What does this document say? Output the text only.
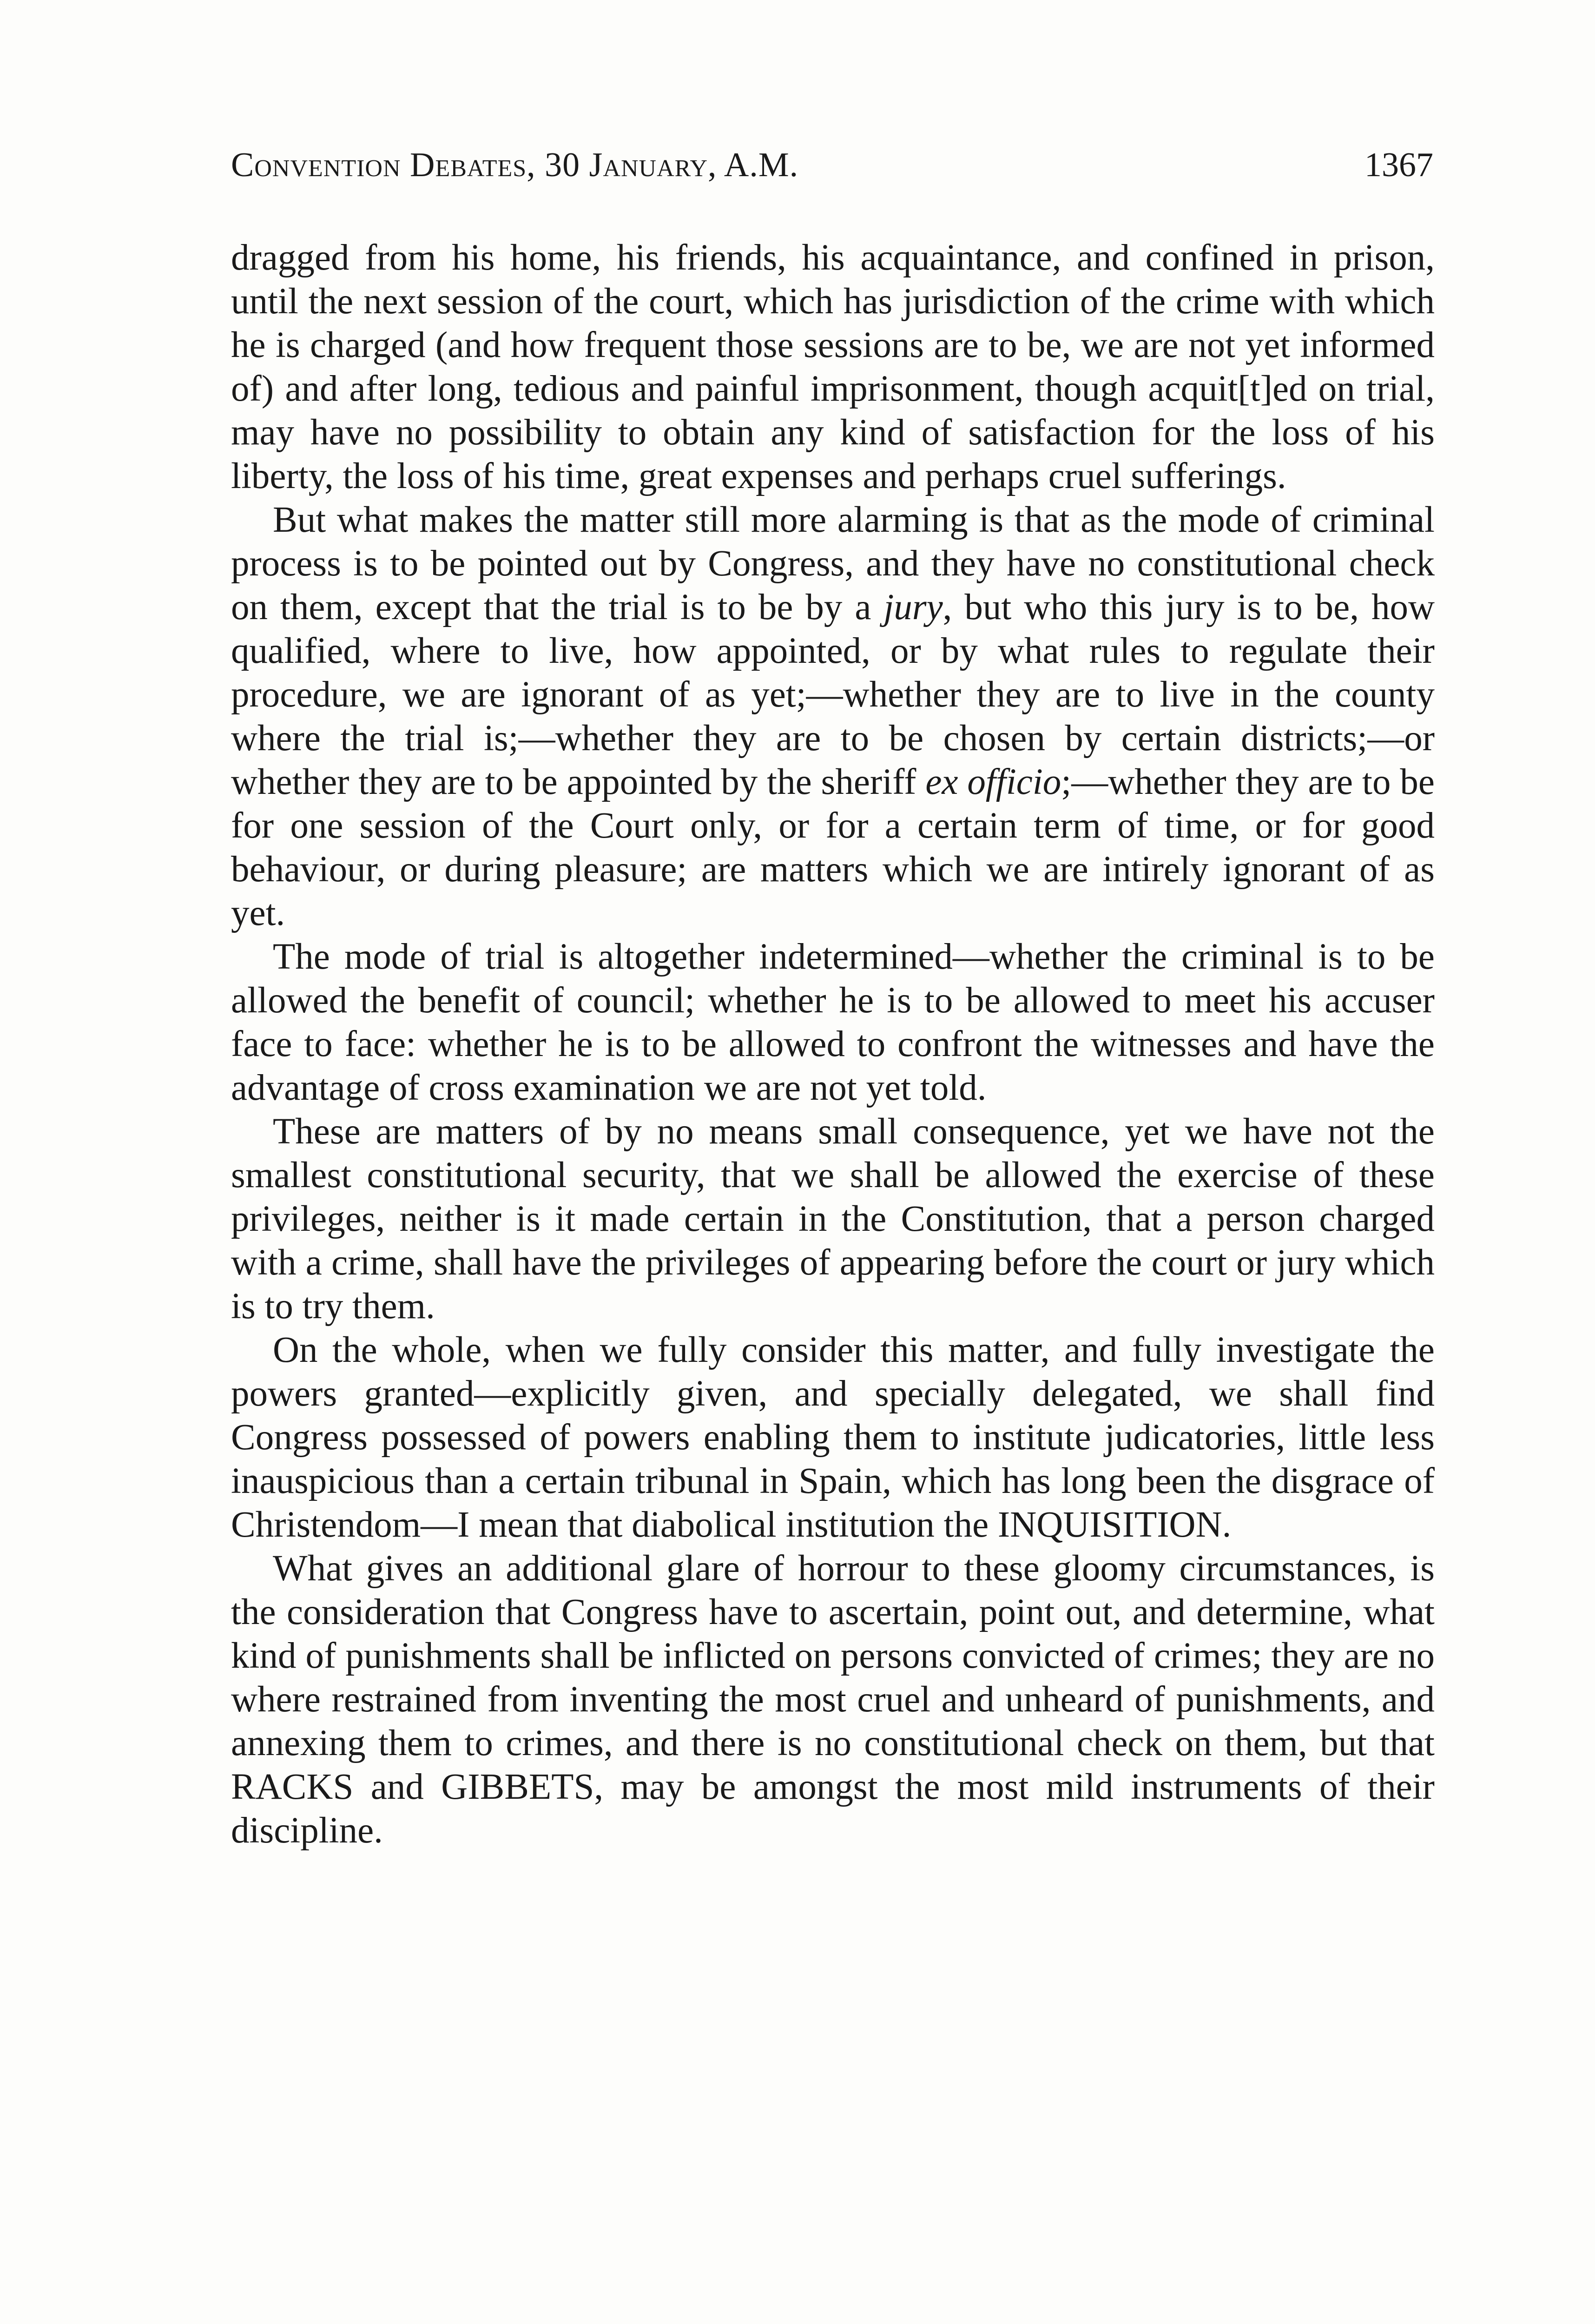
Convention Debates, 30 January, A.M.	1367

dragged from his home, his friends, his acquaintance, and confined in prison, until the next session of the court, which has jurisdiction of the crime with which he is charged (and how frequent those sessions are to be, we are not yet informed of) and after long, tedious and painful imprisonment, though acquit[t]ed on trial, may have no possibility to obtain any kind of satisfaction for the loss of his liberty, the loss of his time, great expenses and perhaps cruel sufferings.

But what makes the matter still more alarming is that as the mode of criminal process is to be pointed out by Congress, and they have no constitutional check on them, except that the trial is to be by a jury, but who this jury is to be, how qualified, where to live, how appointed, or by what rules to regulate their procedure, we are ignorant of as yet;—whether they are to live in the county where the trial is;—whether they are to be chosen by certain districts;—or whether they are to be appointed by the sheriff ex officio;—whether they are to be for one session of the Court only, or for a certain term of time, or for good behaviour, or during pleasure; are matters which we are intirely ignorant of as yet.

The mode of trial is altogether indetermined—whether the criminal is to be allowed the benefit of council; whether he is to be allowed to meet his accuser face to face: whether he is to be allowed to confront the witnesses and have the advantage of cross examination we are not yet told.

These are matters of by no means small consequence, yet we have not the smallest constitutional security, that we shall be allowed the exercise of these privileges, neither is it made certain in the Constitution, that a person charged with a crime, shall have the privileges of appearing before the court or jury which is to try them.

On the whole, when we fully consider this matter, and fully investigate the powers granted—explicitly given, and specially delegated, we shall find Congress possessed of powers enabling them to institute judicatories, little less inauspicious than a certain tribunal in Spain, which has long been the disgrace of Christendom—I mean that diabolical institution the INQUISITION.

What gives an additional glare of horrour to these gloomy circumstances, is the consideration that Congress have to ascertain, point out, and determine, what kind of punishments shall be inflicted on persons convicted of crimes; they are no where restrained from inventing the most cruel and unheard of punishments, and annexing them to crimes, and there is no constitutional check on them, but that RACKS and GIBBETS, may be amongst the most mild instruments of their discipline.
